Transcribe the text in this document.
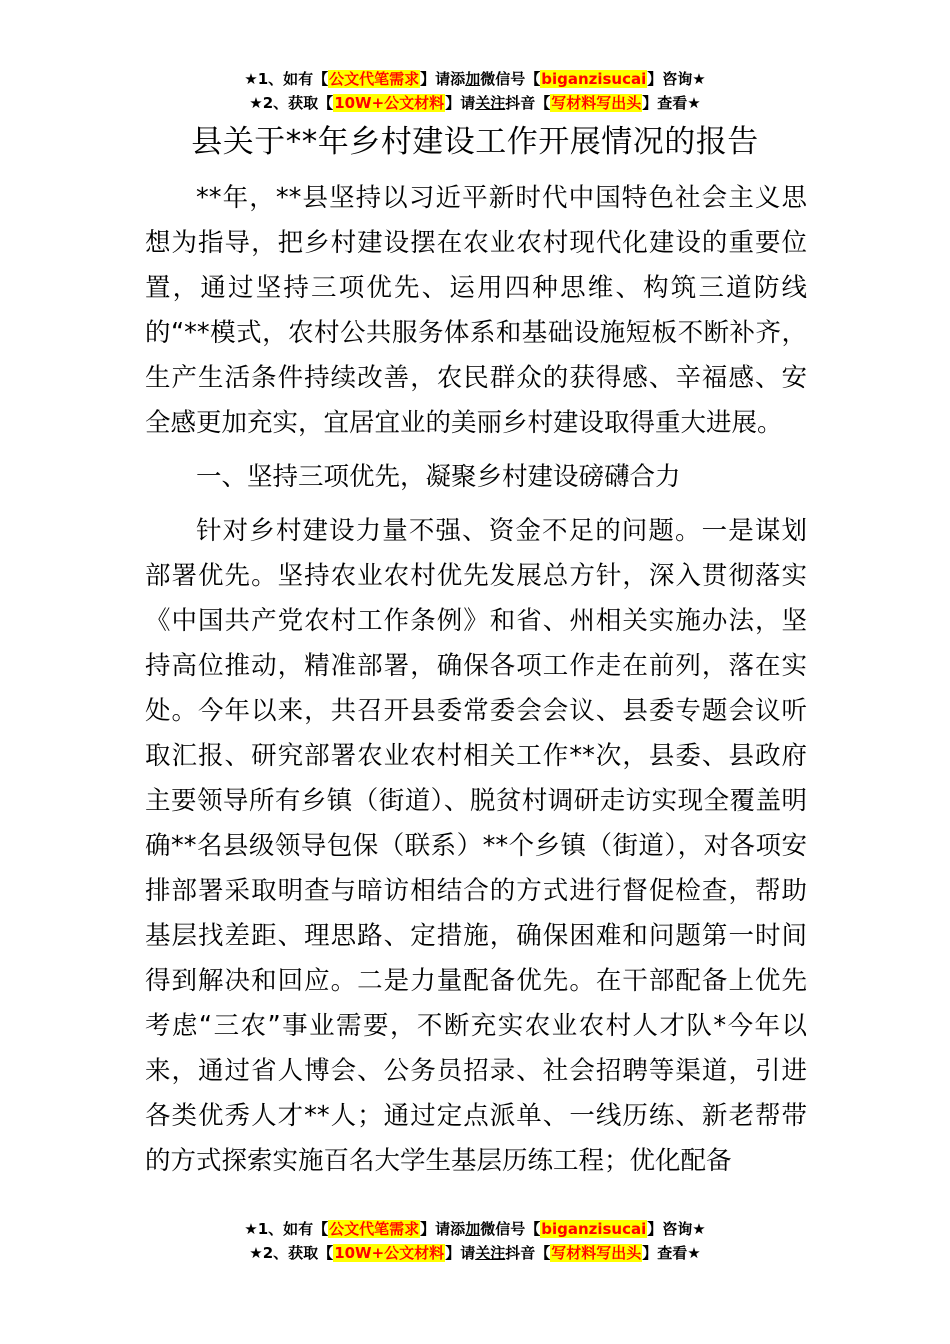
★1、如有【公文代笔需求】请添加微信号【biganzisucai】咨询★
★2、获取【10W+公文材料】请关注抖音【写材料写出头】查看★
县关于**年乡村建设工作开展情况的报告

**年，**县坚持以习近平新时代中国特色社会主义思想为指导，把乡村建设摆在农业农村现代化建设的重要位置，通过坚持三项优先、运用四种思维、构筑三道防线的“**模式，农村公共服务体系和基础设施短板不断补齐，生产生活条件持续改善，农民群众的获得感、辛福感、安全感更加充实，宜居宜业的美丽乡村建设取得重大进展。

一、坚持三项优先，凝聚乡村建设磅礴合力

针对乡村建设力量不强、资金不足的问题。一是谋划部署优先。坚持农业农村优先发展总方针，深入贯彻落实《中国共产党农村工作条例》和省、州相关实施办法，坚持高位推动，精准部署，确保各项工作走在前列，落在实处。今年以来，共召开县委常委会会议、县委专题会议听取汇报、研究部署农业农村相关工作**次，县委、县政府主要领导所有乡镇（街道）、脱贫村调研走访实现全覆盖明确**名县级领导包保（联系）**个乡镇（街道），对各项安排部署采取明查与暗访相结合的方式进行督促检查，帮助基层找差距、理思路、定措施，确保困难和问题第一时间得到解决和回应。二是力量配备优先。在干部配备上优先考虑“三农”事业需要，不断充实农业农村人才队*今年以来，通过省人博会、公务员招录、社会招聘等渠道，引进各类优秀人才**人；通过定点派单、一线历练、新老帮带的方式探索实施百名大学生基层历练工程；优化配备

★1、如有【公文代笔需求】请添加微信号【biganzisucai】咨询★
★2、获取【10W+公文材料】请关注抖音【写材料写出头】查看★
